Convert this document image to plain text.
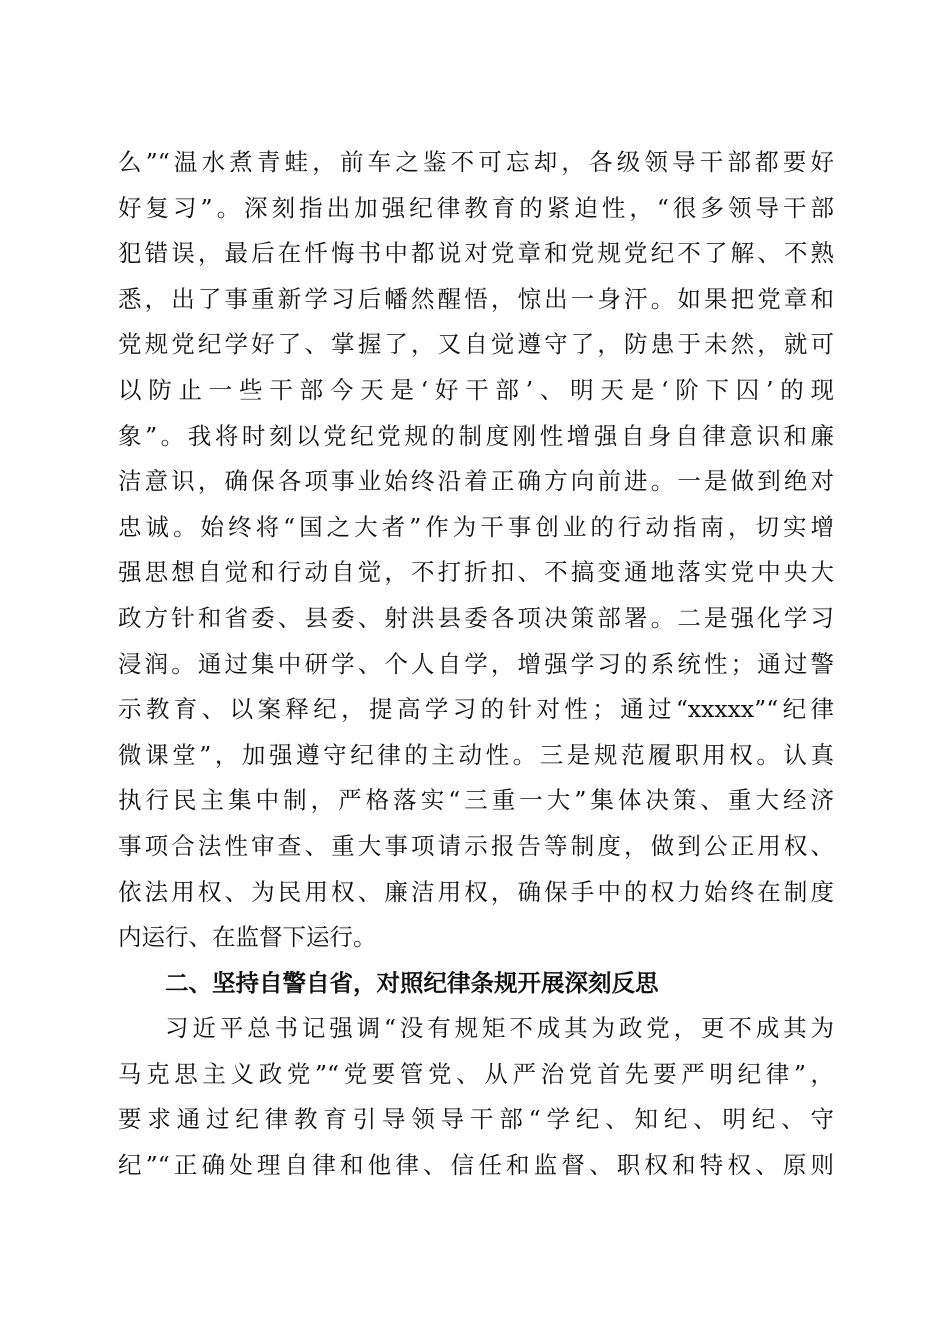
么”“温水煮青蛙，前车之鉴不可忘却，各级领导干部都要好
好复习”。深刻指出加强纪律教育的紧迫性，“很多领导干部
犯错误，最后在忏悔书中都说对党章和党规党纪不了解、不熟
悉，出了事重新学习后幡然醒悟，惊出一身汗。如果把党章和
党规党纪学好了、掌握了，又自觉遵守了，防患于未然，就可
以防止一些干部今天是‘好干部’、明天是‘阶下囚’的现
象”。我将时刻以党纪党规的制度刚性增强自身自律意识和廉
洁意识，确保各项事业始终沿着正确方向前进。一是做到绝对
忠诚。始终将“国之大者”作为干事创业的行动指南，切实增
强思想自觉和行动自觉，不打折扣、不搞变通地落实党中央大
政方针和省委、县委、射洪县委各项决策部署。二是强化学习
浸润。通过集中研学、个人自学，增强学习的系统性；通过警
示教育、以案释纪，提高学习的针对性；通过“xxxxx”“纪律
微课堂”，加强遵守纪律的主动性。三是规范履职用权。认真
执行民主集中制，严格落实“三重一大”集体决策、重大经济
事项合法性审查、重大事项请示报告等制度，做到公正用权、
依法用权、为民用权、廉洁用权，确保手中的权力始终在制度
内运行、在监督下运行。
二、坚持自警自省，对照纪律条规开展深刻反思
习近平总书记强调“没有规矩不成其为政党，更不成其为
马克思主义政党”“党要管党、从严治党首先要严明纪律”，
要求通过纪律教育引导领导干部“学纪、知纪、明纪、守
纪”“正确处理自律和他律、信任和监督、职权和特权、原则
